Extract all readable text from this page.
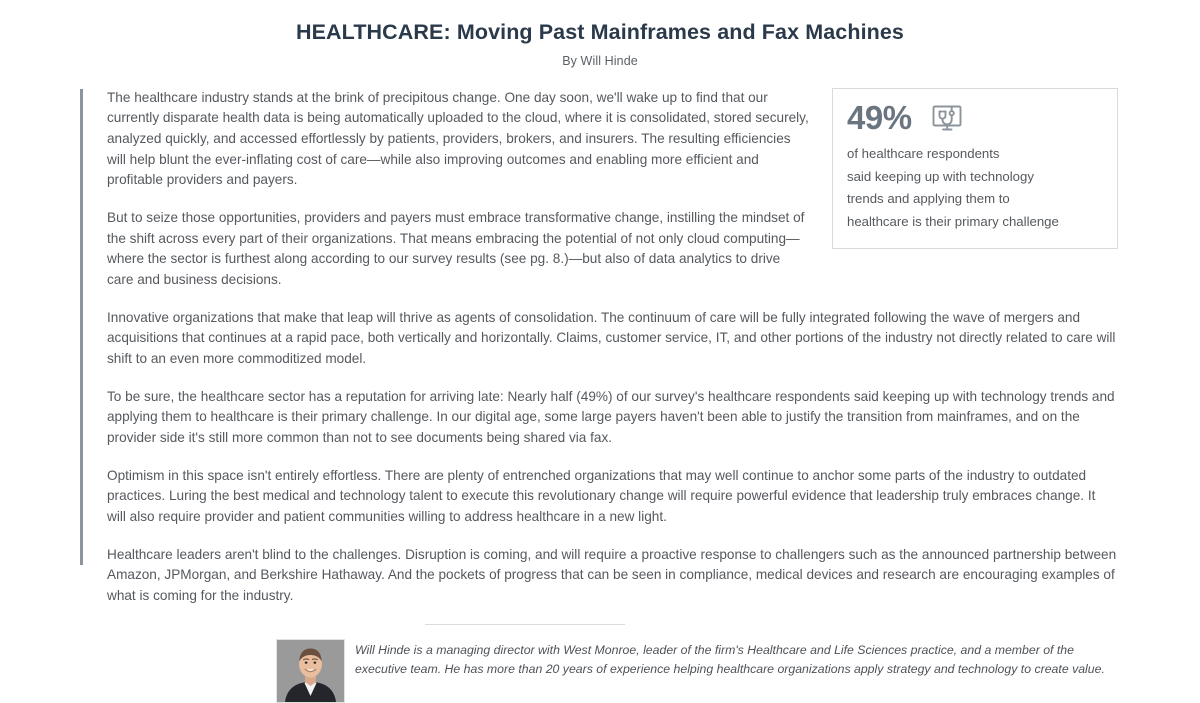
HEALTHCARE: Moving Past Mainframes and Fax Machines
By Will Hinde
49%
of healthcare respondents
said keeping up with technology
trends and applying them to
healthcare is their primary challenge

The healthcare industry stands at the brink of precipitous change. One day soon, we'll wake up to find that our currently disparate health data is being automatically uploaded to the cloud, where it is consolidated, stored securely, analyzed quickly, and accessed effortlessly by patients, providers, brokers, and insurers. The resulting efficiencies will help blunt the ever-inflating cost of care—while also improving outcomes and enabling more efficient and profitable providers and payers.

But to seize those opportunities, providers and payers must embrace transformative change, instilling the mindset of the shift across every part of their organizations. That means embracing the potential of not only cloud computing—where the sector is furthest along according to our survey results (see pg. 8.)—but also of data analytics to drive care and business decisions.

Innovative organizations that make that leap will thrive as agents of consolidation. The continuum of care will be fully integrated following the wave of mergers and acquisitions that continues at a rapid pace, both vertically and horizontally. Claims, customer service, IT, and other portions of the industry not directly related to care will shift to an even more commoditized model.

To be sure, the healthcare sector has a reputation for arriving late: Nearly half (49%) of our survey's healthcare respondents said keeping up with technology trends and applying them to healthcare is their primary challenge. In our digital age, some large payers haven't been able to justify the transition from mainframes, and on the provider side it's still more common than not to see documents being shared via fax.

Optimism in this space isn't entirely effortless. There are plenty of entrenched organizations that may well continue to anchor some parts of the industry to outdated practices. Luring the best medical and technology talent to execute this revolutionary change will require powerful evidence that leadership truly embraces change. It will also require provider and patient communities willing to address healthcare in a new light.

Healthcare leaders aren't blind to the challenges. Disruption is coming, and will require a proactive response to challengers such as the announced partnership between Amazon, JPMorgan, and Berkshire Hathaway. And the pockets of progress that can be seen in compliance, medical devices and research are encouraging examples of what is coming for the industry.

Will Hinde is a managing director with West Monroe, leader of the firm's Healthcare and Life Sciences practice, and a member of the executive team. He has more than 20 years of experience helping healthcare organizations apply strategy and technology to create value.
